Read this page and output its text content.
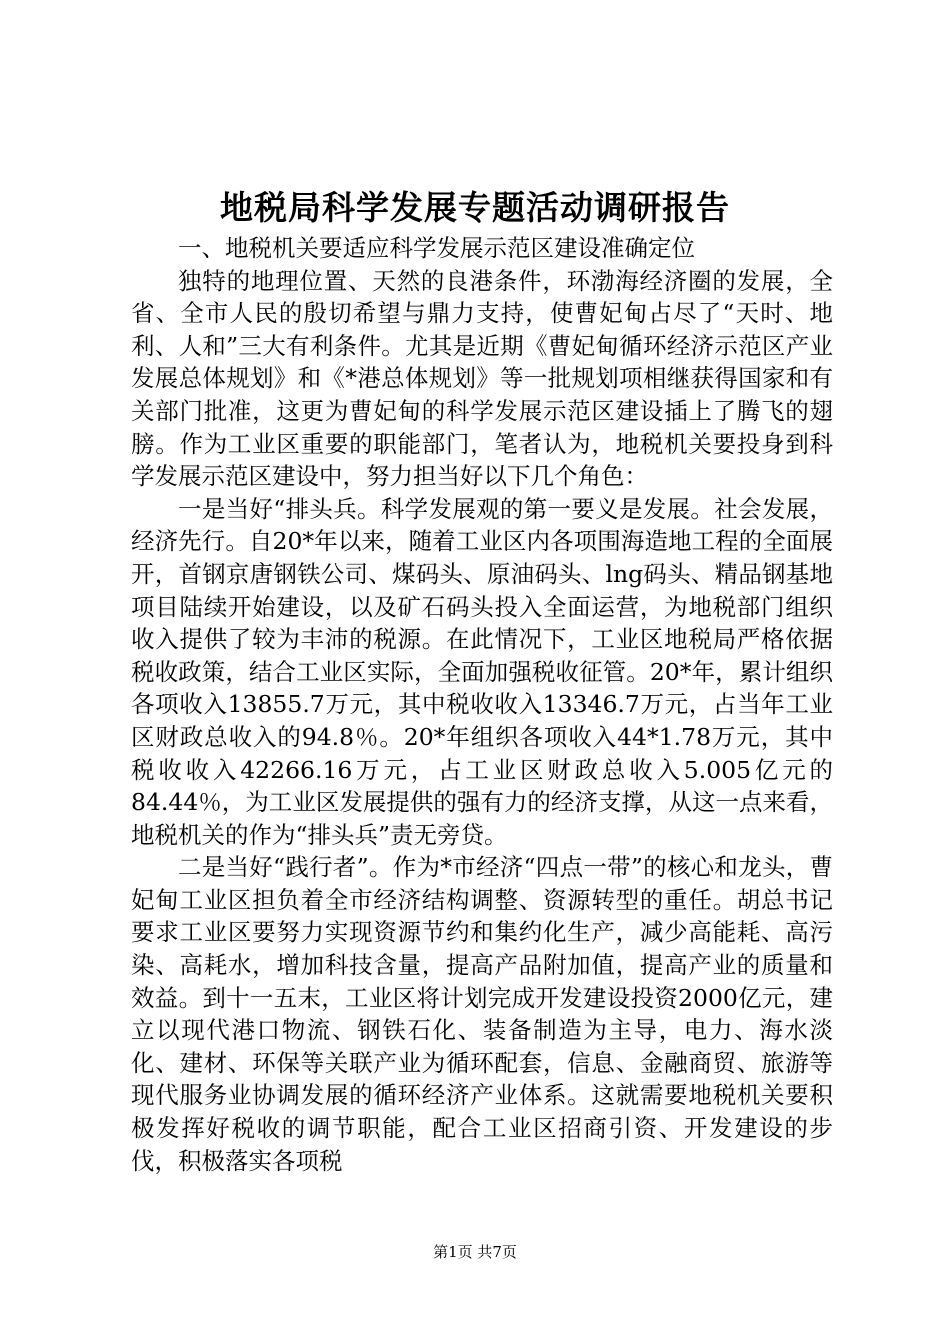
地税局科学发展专题活动调研报告

一、地税机关要适应科学发展示范区建设准确定位

独特的地理位置、天然的良港条件，环渤海经济圈的发展，全省、全市人民的殷切希望与鼎力支持，使曹妃甸占尽了“天时、地利、人和”三大有利条件。尤其是近期《曹妃甸循环经济示范区产业发展总体规划》和《*港总体规划》等一批规划项相继获得国家和有关部门批准，这更为曹妃甸的科学发展示范区建设插上了腾飞的翅膀。作为工业区重要的职能部门，笔者认为，地税机关要投身到科学发展示范区建设中，努力担当好以下几个角色：

一是当好“排头兵。科学发展观的第一要义是发展。社会发展，经济先行。自20*年以来，随着工业区内各项围海造地工程的全面展开，首钢京唐钢铁公司、煤码头、原油码头、lng码头、精品钢基地项目陆续开始建设，以及矿石码头投入全面运营，为地税部门组织收入提供了较为丰沛的税源。在此情况下，工业区地税局严格依据税收政策，结合工业区实际，全面加强税收征管。20*年，累计组织各项收入13855.7万元，其中税收收入13346.7万元，占当年工业区财政总收入的94.8％。20*年组织各项收入44*1.78万元，其中税收收入42266.16万元，占工业区财政总收入5.005亿元的84.44％，为工业区发展提供的强有力的经济支撑，从这一点来看，地税机关的作为“排头兵”责无旁贷。

二是当好“践行者”。作为*市经济“四点一带”的核心和龙头，曹妃甸工业区担负着全市经济结构调整、资源转型的重任。胡总书记要求工业区要努力实现资源节约和集约化生产，减少高能耗、高污染、高耗水，增加科技含量，提高产品附加值，提高产业的质量和效益。到十一五末，工业区将计划完成开发建设投资2000亿元，建立以现代港口物流、钢铁石化、装备制造为主导，电力、海水淡化、建材、环保等关联产业为循环配套，信息、金融商贸、旅游等现代服务业协调发展的循环经济产业体系。这就需要地税机关要积极发挥好税收的调节职能，配合工业区招商引资、开发建设的步伐，积极落实各项税

第1页 共7页
